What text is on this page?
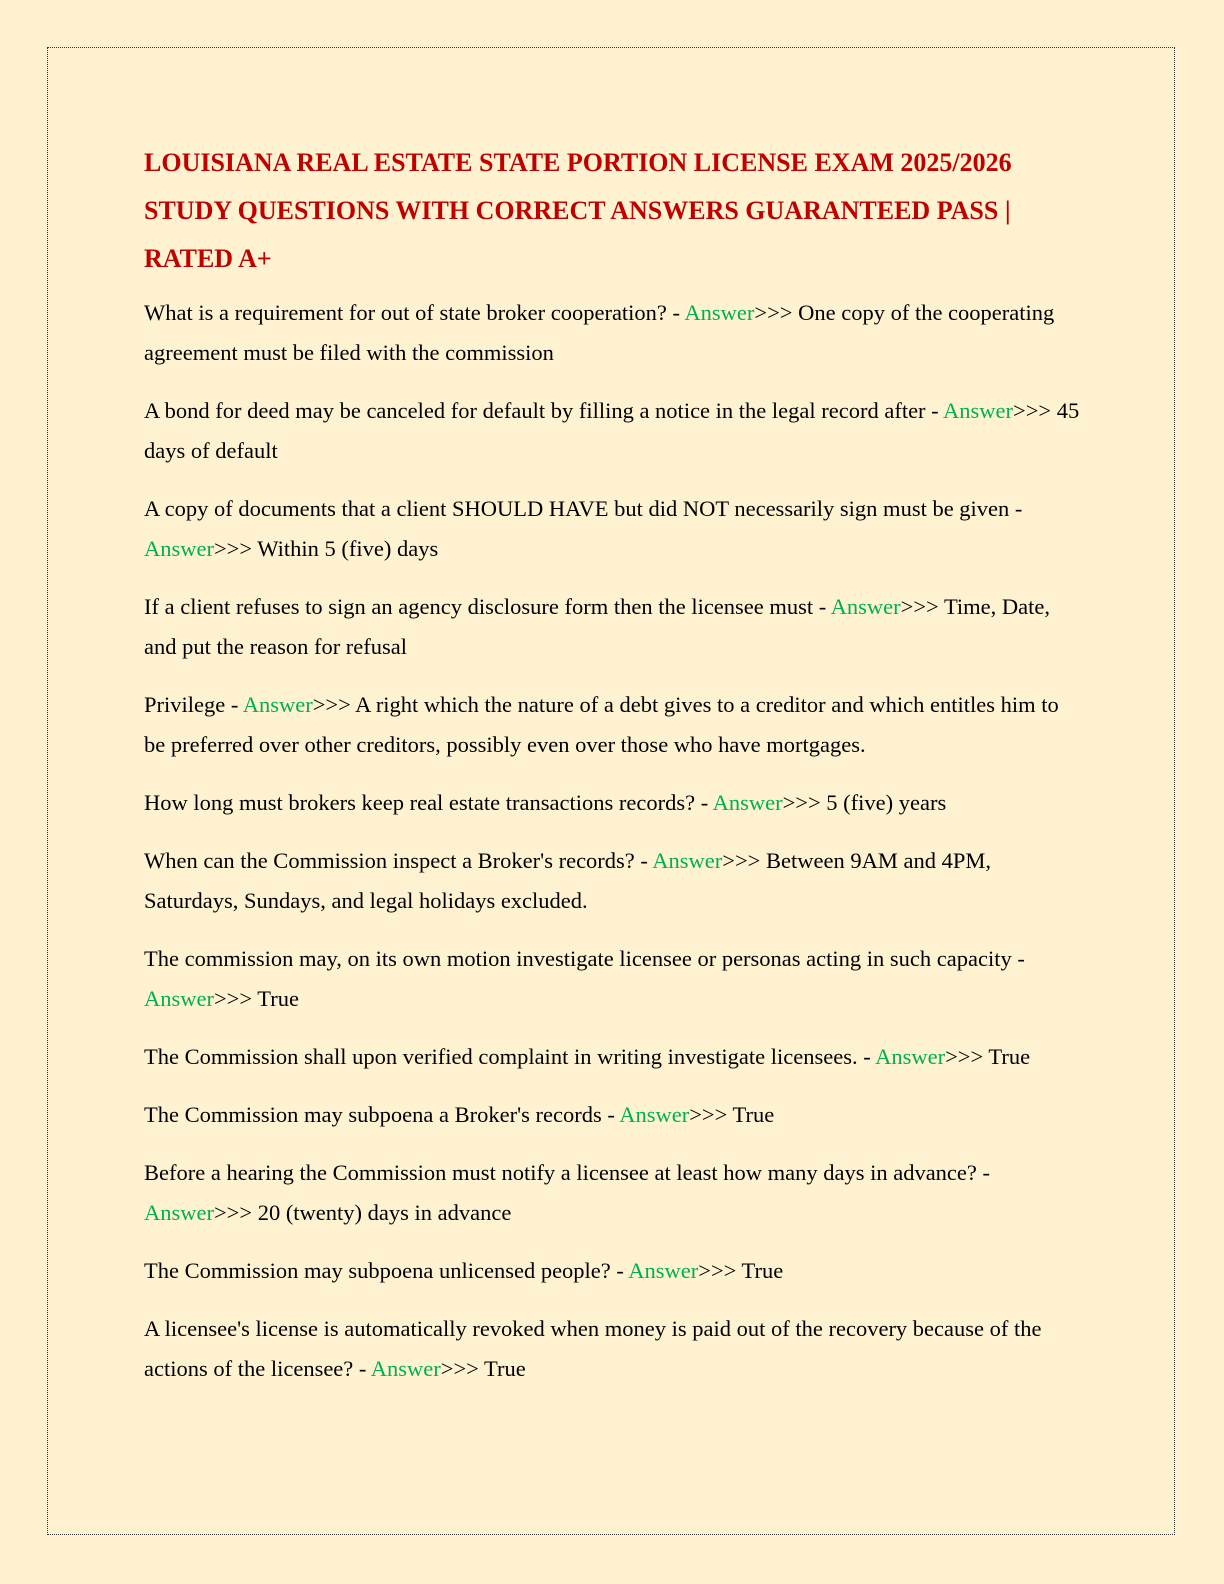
LOUISIANA REAL ESTATE STATE PORTION LICENSE EXAM 2025/2026 STUDY QUESTIONS WITH CORRECT ANSWERS GUARANTEED PASS | RATED A+
What is a requirement for out of state broker cooperation? - Answer>>> One copy of the cooperating agreement must be filed with the commission
A bond for deed may be canceled for default by filling a notice in the legal record after - Answer>>> 45 days of default
A copy of documents that a client SHOULD HAVE but did NOT necessarily sign must be given - Answer>>> Within 5 (five) days
If a client refuses to sign an agency disclosure form then the licensee must - Answer>>> Time, Date, and put the reason for refusal
Privilege - Answer>>> A right which the nature of a debt gives to a creditor and which entitles him to be preferred over other creditors, possibly even over those who have mortgages.
How long must brokers keep real estate transactions records? - Answer>>> 5 (five) years
When can the Commission inspect a Broker's records? - Answer>>> Between 9AM and 4PM, Saturdays, Sundays, and legal holidays excluded.
The commission may, on its own motion investigate licensee or personas acting in such capacity - Answer>>> True
The Commission shall upon verified complaint in writing investigate licensees. - Answer>>> True
The Commission may subpoena a Broker's records - Answer>>> True
Before a hearing the Commission must notify a licensee at least how many days in advance? - Answer>>> 20 (twenty) days in advance
The Commission may subpoena unlicensed people? - Answer>>> True
A licensee's license is automatically revoked when money is paid out of the recovery because of the actions of the licensee? - Answer>>> True
